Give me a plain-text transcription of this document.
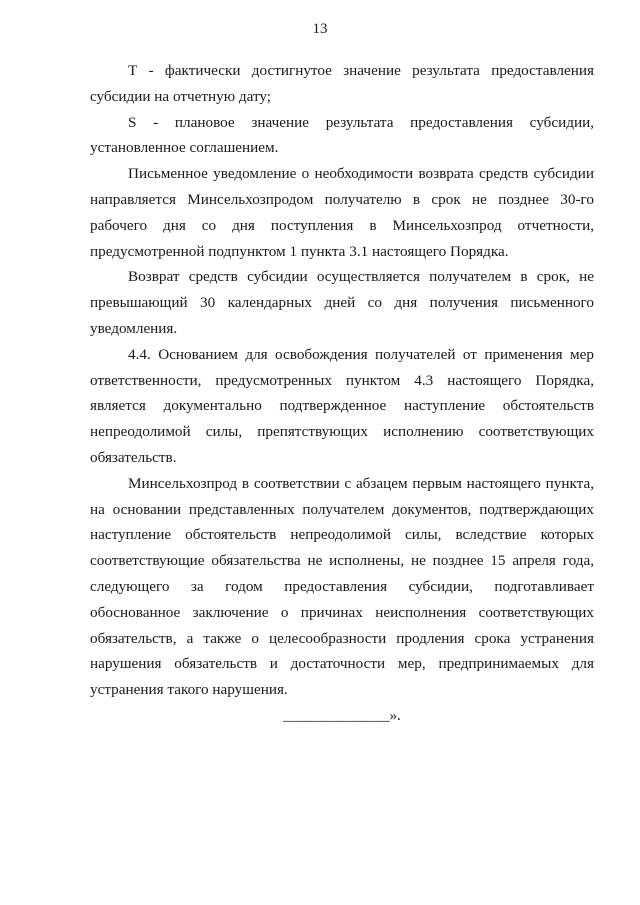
13

Т - фактически достигнутое значение результата предоставления субсидии на отчетную дату;

S - плановое значение результата предоставления субсидии, установленное соглашением.

Письменное уведомление о необходимости возврата средств субсидии направляется Минсельхозпродом получателю в срок не позднее 30-го рабочего дня со дня поступления в Минсельхозпрод отчетности, предусмотренной подпунктом 1 пункта 3.1 настоящего Порядка.

Возврат средств субсидии осуществляется получателем в срок, не превышающий 30 календарных дней со дня получения письменного уведомления.

4.4. Основанием для освобождения получателей от применения мер ответственности, предусмотренных пунктом 4.3 настоящего Порядка, является документально подтвержденное наступление обстоятельств непреодолимой силы, препятствующих исполнению соответствующих обязательств.

Минсельхозпрод в соответствии с абзацем первым настоящего пункта, на основании представленных получателем документов, подтверждающих наступление обстоятельств непреодолимой силы, вследствие которых соответствующие обязательства не исполнены, не позднее 15 апреля года, следующего за годом предоставления субсидии, подготавливает обоснованное заключение о причинах неисполнения соответствующих обязательств, а также о целесообразности продления срока устранения нарушения обязательств и достаточности мер, предпринимаемых для устранения такого нарушения.

______________».
